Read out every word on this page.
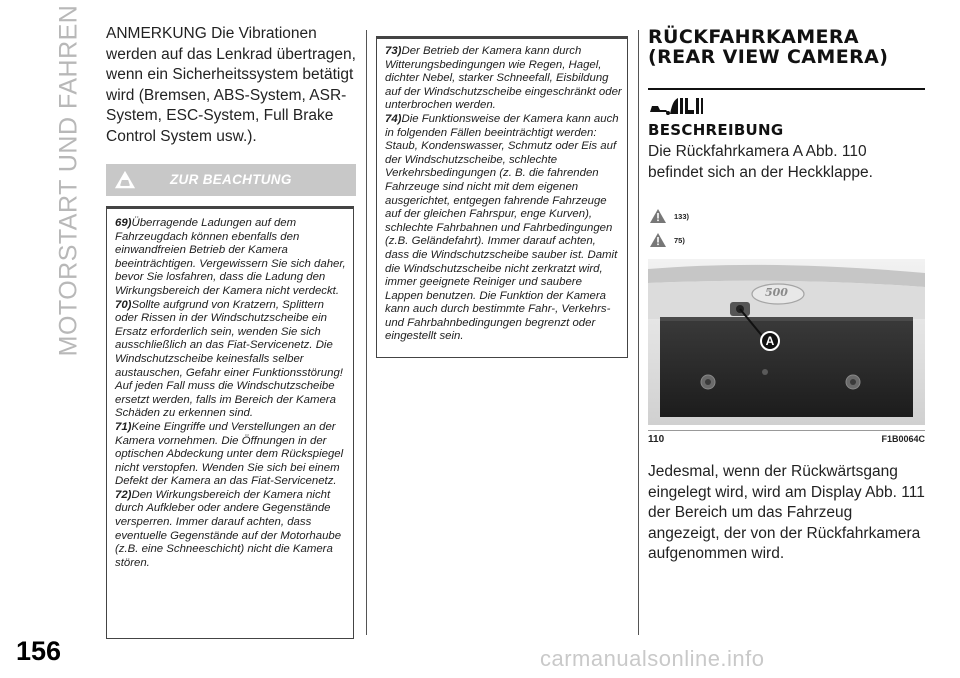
MOTORSTART UND FAHREN
156
ANMERKUNG Die Vibrationen werden auf das Lenkrad übertragen, wenn ein Sicherheitssystem betätigt wird (Bremsen, ABS-System, ASR-System, ESC-System, Full Brake Control System usw.).
ZUR BEACHTUNG

69)Überragende Ladungen auf dem Fahrzeugdach können ebenfalls den einwandfreien Betrieb der Kamera beeinträchtigen. Vergewissern Sie sich daher, bevor Sie losfahren, dass die Ladung den Wirkungsbereich der Kamera nicht verdeckt.

70)Sollte aufgrund von Kratzern, Splittern oder Rissen in der Windschutzscheibe ein Ersatz erforderlich sein, wenden Sie sich ausschließlich an das Fiat-Servicenetz. Die Windschutzscheibe keinesfalls selber austauschen, Gefahr einer Funktionsstörung! Auf jeden Fall muss die Windschutzscheibe ersetzt werden, falls im Bereich der Kamera Schäden zu erkennen sind.

71)Keine Eingriffe und Verstellungen an der Kamera vornehmen. Die Öffnungen in der optischen Abdeckung unter dem Rückspiegel nicht verstopfen. Wenden Sie sich bei einem Defekt der Kamera an das Fiat-Servicenetz.

72)Den Wirkungsbereich der Kamera nicht durch Aufkleber oder andere Gegenstände versperren. Immer darauf achten, dass eventuelle Gegenstände auf der Motorhaube (z.B. eine Schneeschicht) nicht die Kamera stören.

73)Der Betrieb der Kamera kann durch Witterungsbedingungen wie Regen, Hagel, dichter Nebel, starker Schneefall, Eisbildung auf der Windschutzscheibe eingeschränkt oder unterbrochen werden.

74)Die Funktionsweise der Kamera kann auch in folgenden Fällen beeinträchtigt werden: Staub, Kondenswasser, Schmutz oder Eis auf der Windschutzscheibe, schlechte Verkehrsbedingungen (z. B. die fahrenden Fahrzeuge sind nicht mit dem eigenen ausgerichtet, entgegen fahrende Fahrzeuge auf der gleichen Fahrspur, enge Kurven), schlechte Fahrbahnen und Fahrbedingungen (z.B. Geländefahrt). Immer darauf achten, dass die Windschutzscheibe sauber ist. Damit die Windschutzscheibe nicht zerkratzt wird, immer geeignete Reiniger und saubere Lappen benutzen. Die Funktion der Kamera kann auch durch bestimmte Fahr-, Verkehrs- und Fahrbahnbedingungen begrenzt oder eingestellt sein.

RÜCKFAHRKAMERA (REAR VIEW CAMERA)
BESCHREIBUNG
Die Rückfahrkamera A Abb. 110 befindet sich an der Heckklappe.
133)
75)
500
A
110	F1B0064C
Jedesmal, wenn der Rückwärtsgang eingelegt wird, wird am Display Abb. 111 der Bereich um das Fahrzeug angezeigt, der von der Rückfahrkamera aufgenommen wird.
carmanualsonline.info
